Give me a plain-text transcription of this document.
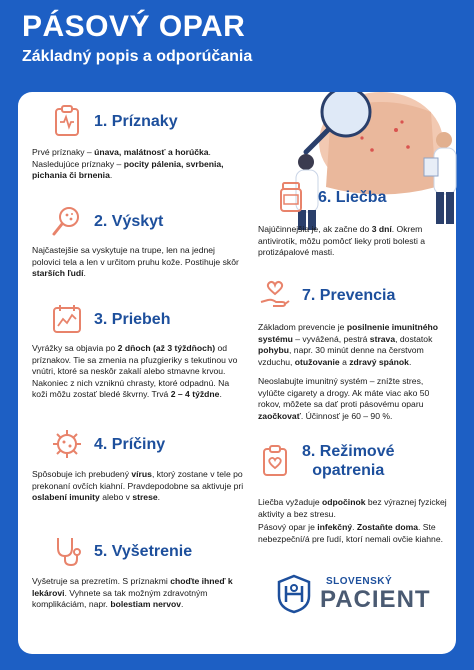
PÁSOVÝ OPAR
Základný popis a odporúčania
1. Príznaky
Prvé príznaky – únava, malátnosť a horúčka. Nasledujúce príznaky – pocity pálenia, svrbenia, pichania či brnenia.
2. Výskyt
Najčastejšie sa vyskytuje na trupe, len na jednej polovici tela a len v určitom pruhu kože. Postihuje skôr starších ľudí.
3. Priebeh
Vyrážky sa objavia po 2 dňoch (až 3 týždňoch) od príznakov. Tie sa zmenia na pľuzgieriky s tekutinou vo vnútri, ktoré sa neskôr zakalí alebo stmavne krvou. Nakoniec z nich vzniknú chrasty, ktoré odpadnú. Na koži môžu zostať bledé škvrny. Trvá 2 – 4 týždne.
4. Príčiny
Spôsobuje ich prebudený vírus, ktorý zostane v tele po prekonaní ovčích kiahní. Pravdepodobne sa aktivuje pri oslabení imunity alebo v strese.
5. Vyšetrenie
Vyšetruje sa prezretím. S príznakmi choďte ihneď k lekárovi. Vyhnete sa tak možným zdravotným komplikáciám, napr. bolestiam nervov.
6. Liečba
Najúčinnejšia je, ak začne do 3 dní. Okrem antivirotík, môžu pomôcť lieky proti bolesti a protizápalové masti.
7. Prevencia
Základom prevencie je posilnenie imunitného systému – vyvážená, pestrá strava, dostatok pohybu, napr. 30 minút denne na čerstvom vzduchu, otužovanie a zdravý spánok.
Neoslabujte imunitný systém – znížte stres, vylúčte cigarety a drogy. Ak máte viac ako 50 rokov, môžete sa dať proti pásovému oparu zaočkovať. Účinnosť je 60 – 90 %.
8. Režimové
opatrenia
Liečba vyžaduje odpočinok bez výraznej fyzickej aktivity a bez stresu.
Pásový opar je infekčný. Zostaňte doma. Ste nebezpeční/á pre ľudí, ktorí nemali ovčie kiahne.
SLOVENSKÝ
PACIENT
